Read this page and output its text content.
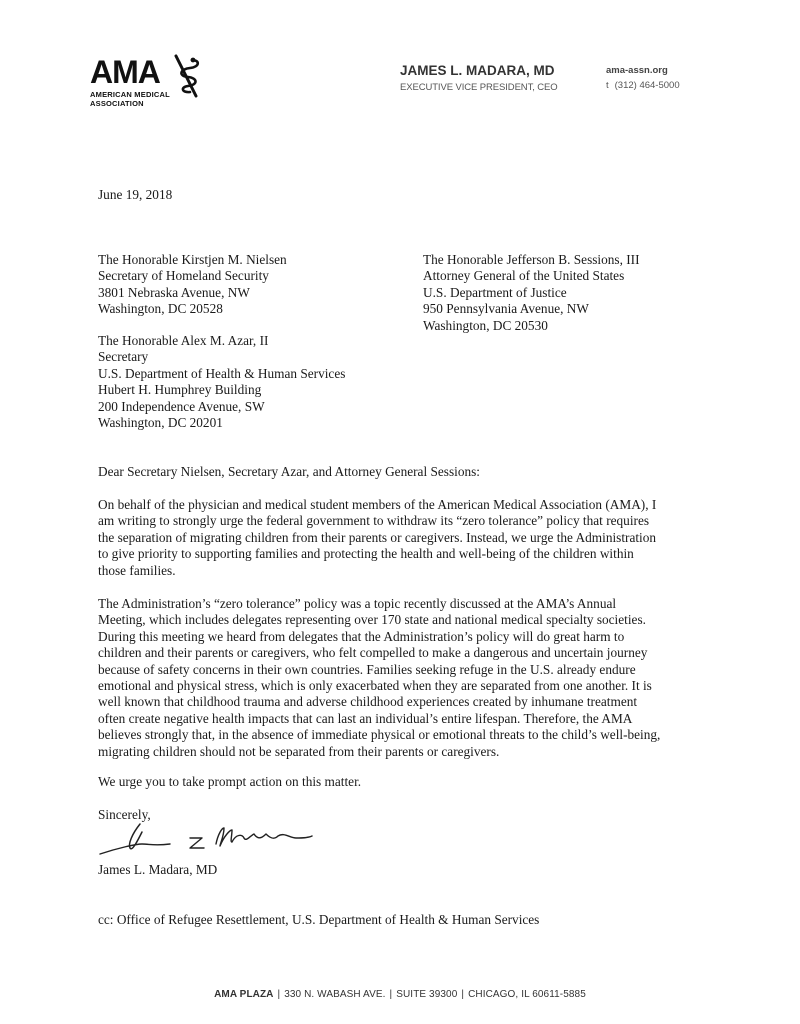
AMA
AMERICAN MEDICAL
ASSOCIATION
JAMES L. MADARA, MD
EXECUTIVE VICE PRESIDENT, CEO
ama-assn.org
t (312) 464-5000
June 19, 2018
The Honorable Kirstjen M. Nielsen
Secretary of Homeland Security
3801 Nebraska Avenue, NW
Washington, DC 20528
The Honorable Jefferson B. Sessions, III
Attorney General of the United States
U.S. Department of Justice
950 Pennsylvania Avenue, NW
Washington, DC 20530
The Honorable Alex M. Azar, II
Secretary
U.S. Department of Health & Human Services
Hubert H. Humphrey Building
200 Independence Avenue, SW
Washington, DC 20201
Dear Secretary Nielsen, Secretary Azar, and Attorney General Sessions:
On behalf of the physician and medical student members of the American Medical Association (AMA), I
am writing to strongly urge the federal government to withdraw its “zero tolerance” policy that requires
the separation of migrating children from their parents or caregivers. Instead, we urge the Administration
to give priority to supporting families and protecting the health and well-being of the children within
those families.
The Administration’s “zero tolerance” policy was a topic recently discussed at the AMA’s Annual
Meeting, which includes delegates representing over 170 state and national medical specialty societies.
During this meeting we heard from delegates that the Administration’s policy will do great harm to
children and their parents or caregivers, who felt compelled to make a dangerous and uncertain journey
because of safety concerns in their own countries. Families seeking refuge in the U.S. already endure
emotional and physical stress, which is only exacerbated when they are separated from one another. It is
well known that childhood trauma and adverse childhood experiences created by inhumane treatment
often create negative health impacts that can last an individual’s entire lifespan. Therefore, the AMA
believes strongly that, in the absence of immediate physical or emotional threats to the child’s well-being,
migrating children should not be separated from their parents or caregivers.
We urge you to take prompt action on this matter.
Sincerely,
James L. Madara, MD
cc: Office of Refugee Resettlement, U.S. Department of Health & Human Services
AMA PLAZA | 330 N. WABASH AVE. | SUITE 39300 | CHICAGO, IL 60611-5885
